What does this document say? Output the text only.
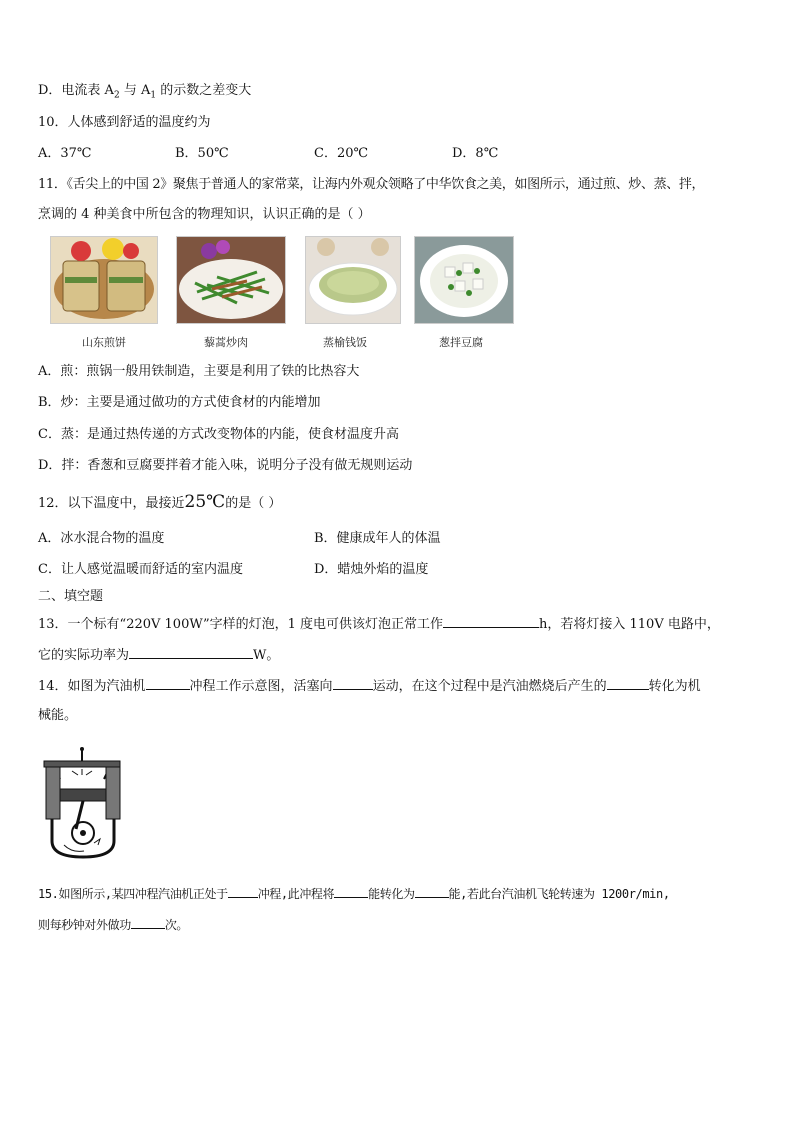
D．电流表 $A_2$ 与 $A_1$ 的示数之差变大
10．人体感到舒适的温度约为
A．37℃	B．50℃	C．20℃	D．8℃
11．《舌尖上的中国 2》聚焦于普通人的家常菜，让海内外观众领略了中华饮食之美，如图所示，通过煎、炒、蒸、拌，
烹调的 4 种美食中所包含的物理知识，认识正确的是（ ）
山东煎饼	藜蒿炒肉	蒸榆钱饭	葱拌豆腐
A．煎：煎锅一般用铁制造，主要是利用了铁的比热容大
B．炒：主要是通过做功的方式使食材的内能增加
C．蒸：是通过热传递的方式改变物体的内能，使食材温度升高
D．拌：香葱和豆腐要拌着才能入味，说明分子没有做无规则运动
12．以下温度中，最接近25℃的是（ ）
A．冰水混合物的温度	B．健康成年人的体温
C．让人感觉温暖而舒适的室内温度	D．蜡烛外焰的温度
二、填空题
13．一个标有“220V 100W”字样的灯泡，1 度电可供该灯泡正常工作	h，若将灯接入 110V 电路中，
它的实际功率为	W。
14．如图为汽油机	冲程工作示意图，活塞向	运动，在这个过程中是汽油燃烧后产生的	转化为机
械能。
15.如图所示,某四冲程汽油机正处于	冲程,此冲程将	能转化为	能,若此台汽油机飞轮转速为 1200r/min,
则每秒钟对外做功	次。
